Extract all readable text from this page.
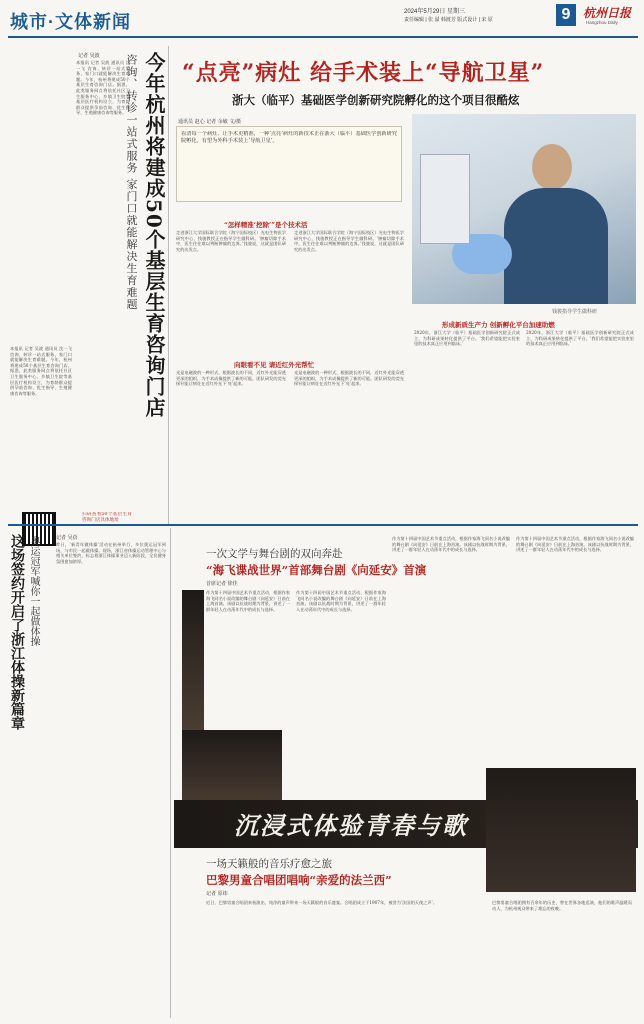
城市·文体新闻	2024年5月29日 星期三
责任编辑 | 张 溢 韩渡芳 版式设计 | 宋 原	9	杭州日报
Hangzhou Daily
今年杭州将建成50个基层生育咨询门店
咨询、转诊一站式服务 家门口就能解决生育难题
记者 吴波
本报讯 记者 吴波 通讯员 沈一飞 咨询、转诊一站式服务，家门口就能解决生育难题。今年，杭州将建成50个基层生育咨询门店。据悉，此类服务网点将依托社区卫生服务中心、乡镇卫生院等基层医疗机构设立，为育龄群众提供孕前咨询、优生指导、生殖健康咨询等服务。
本报讯 记者 吴波 通讯员 沈一飞 咨询、转诊一站式服务，家门口就能解决生育难题。今年，杭州将建成50个基层生育咨询门店。据悉，此类服务网点将依托社区卫生服务中心、乡镇卫生院等基层医疗机构设立，为育龄群众提供孕前咨询、优生指导、生殖健康咨询等服务。
扫码查看50个基层生育咨询门店具体地址
“点亮”病灶 给手术装上“导航卫星”
浙大（临平）基础医学创新研究院孵化的这个项目很酷炫
通讯员 赵心 记者 余敏 文/摄
看清每一个病灶、让手术更精准，一种‘点亮’病灶的新技术正在浙大（临平）基础医学创新研究院孵化，有望为外科手术装上‘导航卫星’。
钱骏指导学生做科研
“怎样精准‘挖除’”是个技术活
走进浙江大学国际联合学院（海宁国际校区）光电生物医学研究中心，钱骏教授正在指导学生做科研。‘肿瘤切除手术中，医生往往难以判断肿瘤的边界。’钱骏说，这就是团队研究的出发点。
走进浙江大学国际联合学院（海宁国际校区）光电生物医学研究中心，钱骏教授正在指导学生做科研。‘肿瘤切除手术中，医生往往难以判断肿瘤的边界。’钱骏说，这就是团队研究的出发点。
向眼看不见 请近红外光帮忙
光是电磁波的一种形式，根据波长的不同，近红外光能穿透更深的组织，为手术成像提供了新的可能。团队研发的荧光探针能让病灶在近红外光下‘亮’起来。
光是电磁波的一种形式，根据波长的不同，近红外光能穿透更深的组织，为手术成像提供了新的可能。团队研发的荧光探针能让病灶在近红外光下‘亮’起来。
形成新质生产力 创新孵化平台加速助燃
2020年，浙江大学（临平）基础医学创新研究院正式成立，为科研成果转化提供了平台。‘我们希望能把实验室里的技术真正应用到临床。’
2020年，浙江大学（临平）基础医学创新研究院正式成立，为科研成果转化提供了平台。‘我们希望能把实验室里的技术真正应用到临床。’
这场签约开启了浙江体操新篇章 奥运冠军喊你一起做体操	记者 吴蓓
昨日，‘新青年做体操’活动在杭州举行，多位奥运冠军到场，与市民一起做体操。现场，浙江省体操运动管理中心与相关单位签约，标志着浙江体操事业迈入新阶段，全民健身氛围愈加浓厚。
一次文学与舞台剧的双向奔赴
“海飞谍战世界”首部舞台剧《向延安》首演
首席记者 徐佳
作为第十四届中国艺术节重点活动，根据作家海飞同名小说改编的舞台剧《向延安》日前在上海首演。该剧以抗战时期为背景，讲述了一群年轻人在动荡年代中的成长与选择。
作为第十四届中国艺术节重点活动，根据作家海飞同名小说改编的舞台剧《向延安》日前在上海首演。该剧以抗战时期为背景，讲述了一群年轻人在动荡年代中的成长与选择。
作为第十四届中国艺术节重点活动，根据作家海飞同名小说改编的舞台剧《向延安》日前在上海首演。该剧以抗战时期为背景，讲述了一群年轻人在动荡年代中的成长与选择。
作为第十四届中国艺术节重点活动，根据作家海飞同名小说改编的舞台剧《向延安》日前在上海首演。该剧以抗战时期为背景，讲述了一群年轻人在动荡年代中的成长与选择。
沉浸式体验青春与歌
一场天籁般的音乐疗愈之旅
巴黎男童合唱团唱响“亲爱的法兰西”
记者 原纬
近日，巴黎男童合唱团来杭演出，纯净的童声带来一场天籁般的音乐盛宴。合唱团成立于1907年，被誉为‘法国的天使之声’。	巴黎男童合唱团拥有百余年的历史，曾在世界各地巡演，他们的歌声温暖而动人，为杭州观众带来了难忘的夜晚。
